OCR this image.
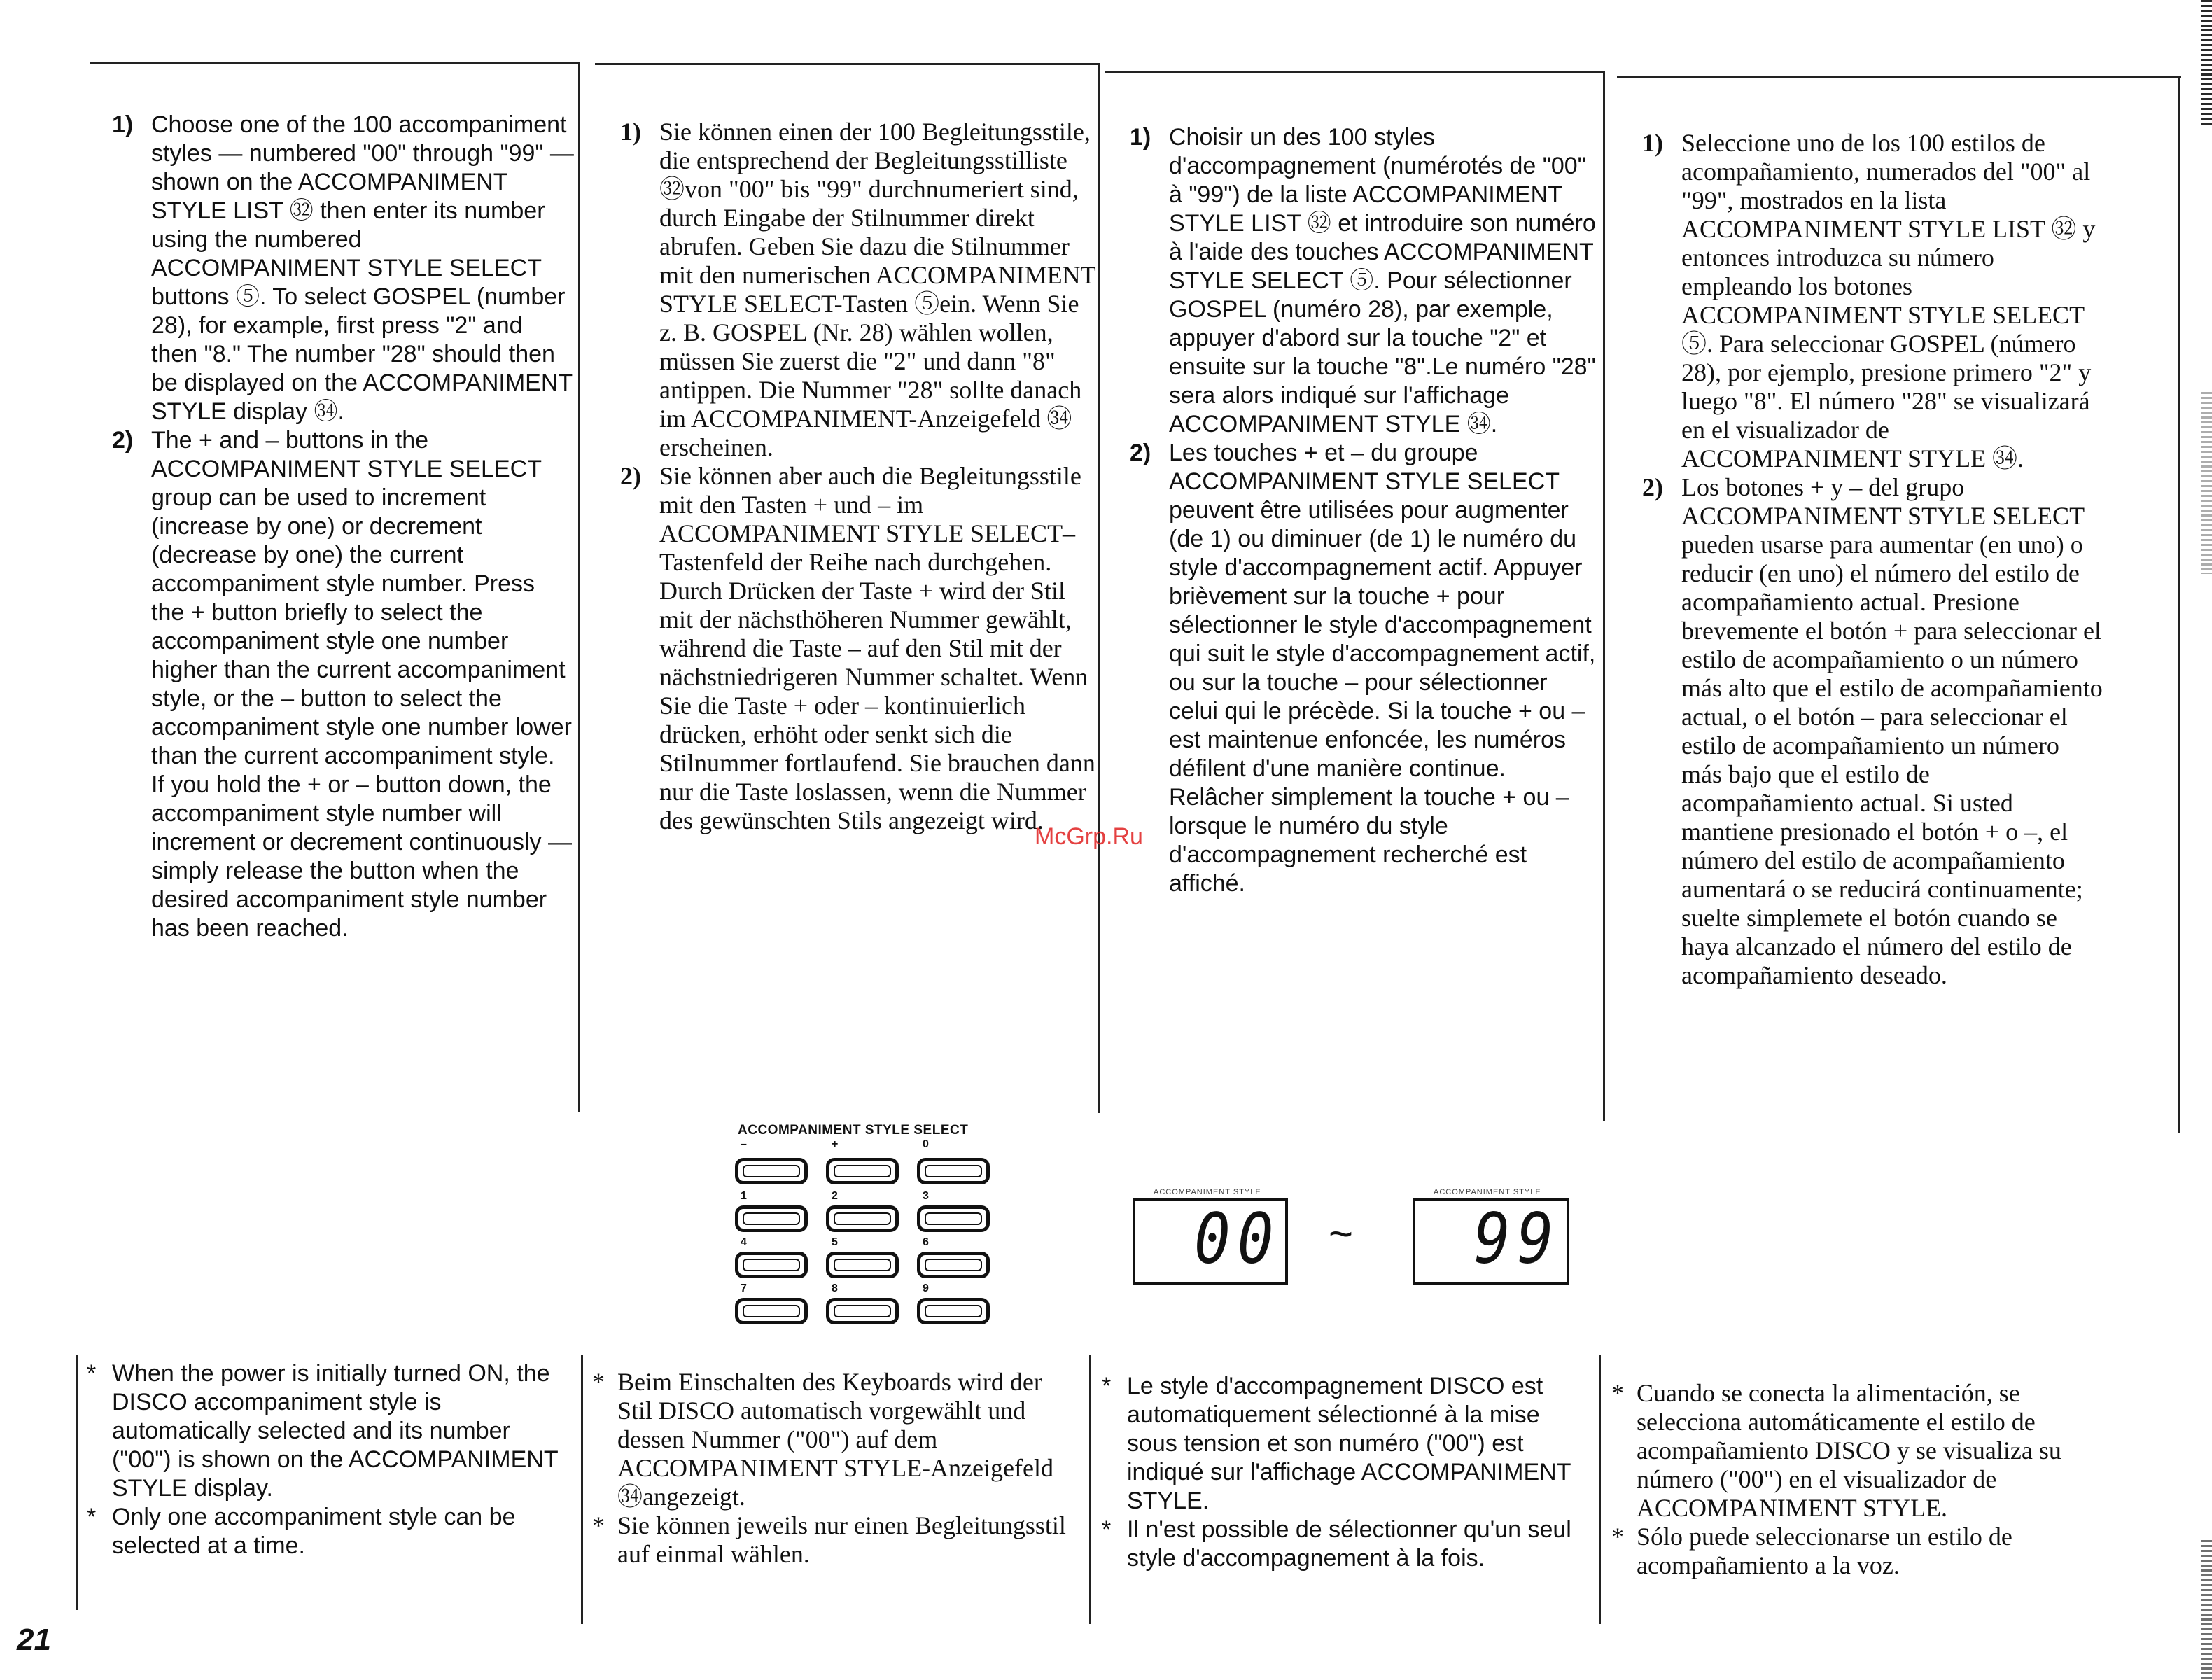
1) Choose one of the 100 accompaniment styles — numbered "00" through "99" — shown on the ACCOMPANIMENT STYLE LIST ㉜ then enter its number using the numbered ACCOMPANIMENT STYLE SELECT buttons ⑤. To select GOSPEL (number 28), for example, first press "2" and then "8." The number "28" should then be displayed on the ACCOMPANIMENT STYLE display ㉞.
2) The + and – buttons in the ACCOMPANIMENT STYLE SELECT group can be used to increment (increase by one) or decrement (decrease by one) the current accompaniment style number. Press the + button briefly to select the accompaniment style one number higher than the current accompaniment style, or the – button to select the accompaniment style one number lower than the current accompaniment style. If you hold the + or – button down, the accompaniment style number will increment or decrement continuously — simply release the button when the desired accompaniment style number has been reached.
1) Sie können einen der 100 Begleitungsstile, die entsprechend der Begleitungsstilliste ㉜von "00" bis "99" durchnumeriert sind, durch Eingabe der Stilnummer direkt abrufen. Geben Sie dazu die Stilnummer mit den numerischen ACCOMPANIMENT STYLE SELECT-Tasten ⑤ein. Wenn Sie z. B. GOSPEL (Nr. 28) wählen wollen, müssen Sie zuerst die "2" und dann "8" antippen. Die Nummer "28" sollte danach im ACCOMPANIMENT-Anzeigefeld ㉞ erscheinen.
2) Sie können aber auch die Begleitungsstile mit den Tasten + und – im ACCOMPANIMENT STYLE SELECT–Tastenfeld der Reihe nach durchgehen. Durch Drücken der Taste + wird der Stil mit der nächsthöheren Nummer gewählt, während die Taste – auf den Stil mit der nächstniedrigeren Nummer schaltet. Wenn Sie die Taste + oder – kontinuierlich drücken, erhöht oder senkt sich die Stilnummer fortlaufend. Sie brauchen dann nur die Taste loslassen, wenn die Nummer des gewünschten Stils angezeigt wird.
1) Choisir un des 100 styles d'accompagnement (numérotés de "00" à "99") de la liste ACCOMPANIMENT STYLE LIST ㉜ et introduire son numéro à l'aide des touches ACCOMPANIMENT STYLE SELECT ⑤. Pour sélectionner GOSPEL (numéro 28), par exemple, appuyer d'abord sur la touche "2" et ensuite sur la touche "8".Le numéro "28" sera alors indiqué sur l'affichage ACCOMPANIMENT STYLE ㉞.
2) Les touches + et – du groupe ACCOMPANIMENT STYLE SELECT peuvent être utilisées pour augmenter (de 1) ou diminuer (de 1) le numéro du style d'accompagnement actif. Appuyer brièvement sur la touche + pour sélectionner le style d'accompagnement qui suit le style d'accompagnement actif, ou sur la touche – pour sélectionner celui qui le précède. Si la touche + ou – est maintenue enfoncée, les numéros défilent d'une manière continue. Relâcher simplement la touche + ou – lorsque le numéro du style d'accompagnement recherché est affiché.
1) Seleccione uno de los 100 estilos de acompañamiento, numerados del "00" al "99", mostrados en la lista ACCOMPANIMENT STYLE LIST ㉜ y entonces introduzca su número empleando los botones ACCOMPANIMENT STYLE SELECT ⑤. Para seleccionar GOSPEL (número 28), por ejemplo, presione primero "2" y luego "8". El número "28" se visualizará en el visualizador de ACCOMPANIMENT STYLE ㉞.
2) Los botones + y – del grupo ACCOMPANIMENT STYLE SELECT pueden usarse para aumentar (en uno) o reducir (en uno) el número del estilo de acompañamiento actual. Presione brevemente el botón + para seleccionar el estilo de acompañamiento o un número más alto que el estilo de acompañamiento actual, o el botón – para seleccionar el estilo de acompañamiento un número más bajo que el estilo de acompañamiento actual. Si usted mantiene presionado el botón + o –, el número del estilo de acompañamiento aumentará o se reducirá continuamente; suelte simplemete el botón cuando se haya alcanzado el número del estilo de acompañamiento deseado.
McGrp.Ru
ACCOMPANIMENT STYLE SELECT
–	+	0
1	2	3
4	5	6
7	8	9
ACCOMPANIMENT STYLE
00 ~
ACCOMPANIMENT STYLE
99
* When the power is initially turned ON, the DISCO accompaniment style is automatically selected and its number ("00") is shown on the ACCOMPANIMENT STYLE display.
* Only one accompaniment style can be selected at a time.
* Beim Einschalten des Keyboards wird der Stil DISCO automatisch vorgewählt und dessen Nummer ("00") auf dem ACCOMPANIMENT STYLE-Anzeigefeld ㉞angezeigt.
* Sie können jeweils nur einen Begleitungsstil auf einmal wählen.
* Le style d'accompagnement DISCO est automatiquement sélectionné à la mise sous tension et son numéro ("00") est indiqué sur l'affichage ACCOMPANIMENT STYLE.
* Il n'est possible de sélectionner qu'un seul style d'accompagnement à la fois.
* Cuando se conecta la alimentación, se selecciona automáticamente el estilo de acompañamiento DISCO y se visualiza su número ("00") en el visualizador de ACCOMPANIMENT STYLE.
* Sólo puede seleccionarse un estilo de acompañamiento a la voz.
21
